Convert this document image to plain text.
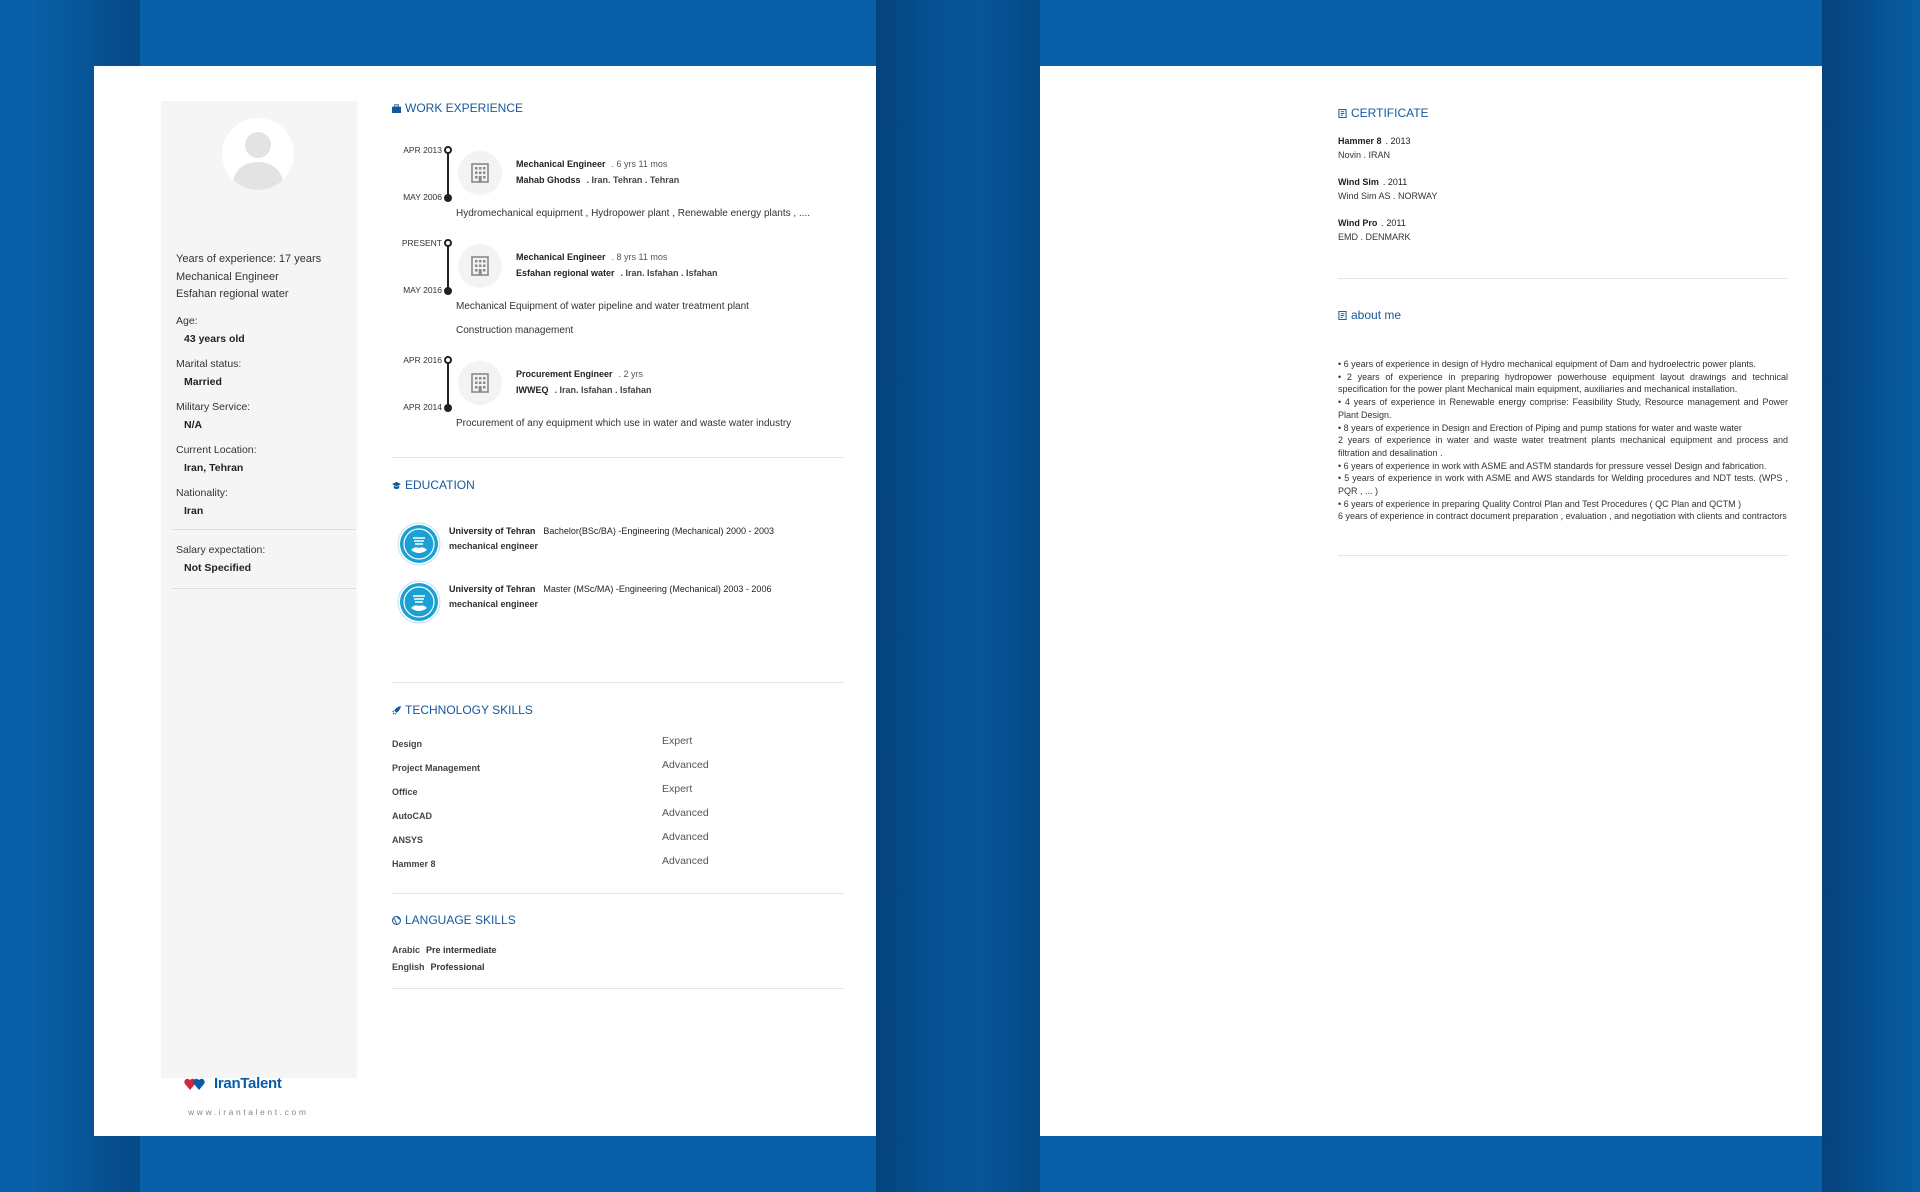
Years of experience: 17 years
Mechanical Engineer
Esfahan regional water
Age:
43 years old
Marital status:
Married
Military Service:
N/A
Current Location:
Iran, Tehran
Nationality:
Iran
Salary expectation:
Not Specified
IranTalent
www.irantalent.com
WORK EXPERIENCE
APR 2013
MAY 2006
Mechanical Engineer . 6 yrs 11 mos
Mahab Ghodss . Iran. Tehran . Tehran
Hydromechanical equipment , Hydropower plant , Renewable energy plants , ....
PRESENT
MAY 2016
Mechanical Engineer . 8 yrs 11 mos
Esfahan regional water . Iran. Isfahan . Isfahan
Mechanical Equipment of water pipeline and water treatment plant
Construction management
APR 2016
APR 2014
Procurement Engineer . 2 yrs
IWWEQ . Iran. Isfahan . Isfahan
Procurement of any equipment which use in water and waste water industry
EDUCATION
University of Tehran Bachelor(BSc/BA) -Engineering (Mechanical) 2000 - 2003
mechanical engineer
University of Tehran Master (MSc/MA) -Engineering (Mechanical) 2003 - 2006
mechanical engineer
TECHNOLOGY SKILLS
Design	Expert
Project Management	Advanced
Office	Expert
AutoCAD	Advanced
ANSYS	Advanced
Hammer 8	Advanced
LANGUAGE SKILLS
Arabic Pre intermediate
English Professional
CERTIFICATE
Hammer 8 . 2013
Novin . IRAN
Wind Sim . 2011
Wind Sim AS . NORWAY
Wind Pro . 2011
EMD . DENMARK
about me

• 6 years of experience in design of Hydro mechanical equipment of Dam and hydroelectric power plants.

• 2 years of experience in preparing hydropower powerhouse equipment layout drawings and technical specification for the power plant Mechanical main equipment, auxiliaries and mechanical installation.

• 4 years of experience in Renewable energy comprise: Feasibility Study, Resource management and Power Plant Design.

• 8 years of experience in Design and Erection of Piping and pump stations for water and waste water

2 years of experience in water and waste water treatment plants mechanical equipment and process and filtration and desalination .

• 6 years of experience in work with ASME and ASTM standards for pressure vessel Design and fabrication.

• 5 years of experience in work with ASME and AWS standards for Welding procedures and NDT tests. (WPS , PQR , ... )

• 6 years of experience in preparing Quality Control Plan and Test Procedures ( QC Plan and QCTM )

6 years of experience in contract document preparation , evaluation , and negotiation with clients and contractors
